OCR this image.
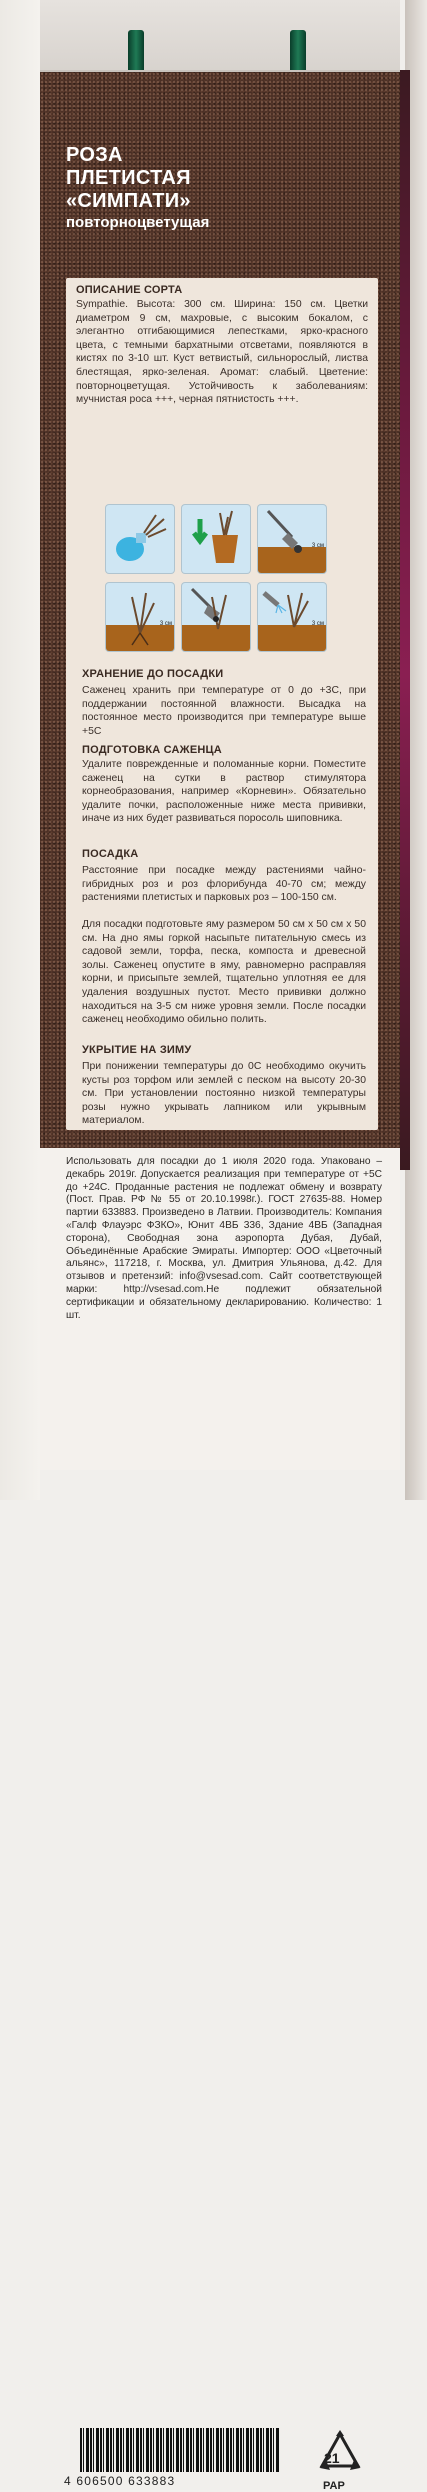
РОЗА
ПЛЕТИСТАЯ
«СИМПАТИ»
повторноцветущая
ОПИСАНИЕ СОРТА
Sympathie. Высота: 300 см. Ширина: 150 см. Цветки диаметром 9 см, махровые, с высоким бокалом, с элегантно отгибающимися лепестками, ярко-красного цвета, с темными бархатными отсветами, появляются в кистях по 3-10 шт. Куст ветвистый, сильнорослый, листва блестящая, ярко-зеленая. Аромат: слабый. Цветение: повторноцветущая. Устойчивость к заболеваниям: мучнистая роса +++, черная пятнистость +++.
ХРАНЕНИЕ ДО ПОСАДКИ
Саженец хранить при температуре от 0 до +3С, при поддержании постоянной влажности. Высадка на постоянное место производится при температуре выше +5С
ПОДГОТОВКА САЖЕНЦА
Удалите поврежденные и поломанные корни. Поместите саженец на сутки в раствор стимулятора корнеобразования, например «Корневин». Обязательно удалите почки, расположенные ниже места прививки, иначе из них будет развиваться поросоль шиповника.
ПОСАДКА
Расстояние при посадке между растениями чайно-гибридных роз и роз флорибунда 40-70 см; между растениями плетистых и парковых роз – 100-150 см.
Для посадки подготовьте яму размером 50 см х 50 см х 50 см. На дно ямы горкой насыпьте питательную смесь из садовой земли, торфа, песка, компоста и древесной золы. Саженец опустите в яму, равномерно расправляя корни, и присыпьте землей, тщательно уплотняя ее для удаления воздушных пустот. Место прививки должно находиться на 3-5 см ниже уровня земли. После посадки саженец необходимо обильно полить.
УКРЫТИЕ НА ЗИМУ
При понижении температуры до 0С необходимо окучить кусты роз торфом или землей с песком на высоту 20-30 см. При установлении постоянно низкой температуры розы нужно укрывать лапником или укрывным материалом.
3 см
3 см	3 см
Использовать для посадки до 1 июля 2020 года. Упаковано – декабрь 2019г. Допускается реализация при температуре от +5С до +24С. Проданные растения не подлежат обмену и возврату (Пост. Прав. РФ № 55 от 20.10.1998г.). ГОСТ 27635-88. Номер партии 633883. Произведено в Латвии. Производитель: Компания «Галф Флауэрс ФЗКО», Юнит 4ВБ 336, Здание 4ВБ (Западная сторона), Свободная зона аэропорта Дубая, Дубай, Объединённые Арабские Эмираты. Импортер: ООО «Цветочный альянс», 117218, г. Москва, ул. Дмитрия Ульянова, д.42. Для отзывов и претензий: info@vsesad.com. Сайт соответствующей марки: http://vsesad.com.Не подлежит обязательной сертификации и обязательному декларированию. Количество: 1 шт.
4 606500 633883
21
PAP
